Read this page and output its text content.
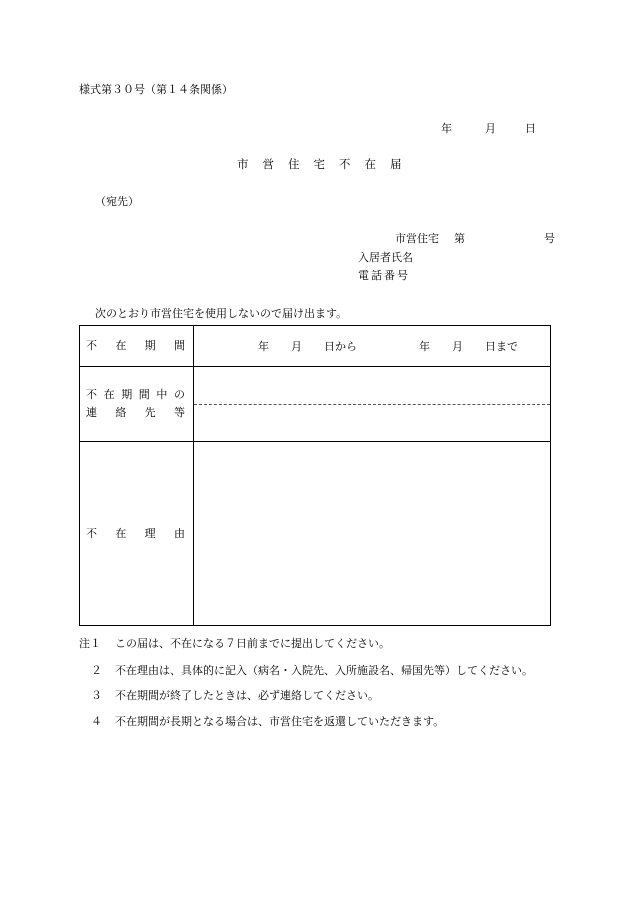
様式第３０号（第１４条関係）
年	月	日
市営住宅不在届
（宛先）
市営住宅 第	号
入居者氏名
電話番号
次のとおり市営住宅を使用しないので届け出ます。
不在期間	年　　月　　日から 年　　月　　日まで

不在期間中の
連絡先等	

不在理由	
注１ この届は、不在になる７日前までに提出してください。
２ 不在理由は、具体的に記入（病名・入院先、入所施設名、帰国先等）してください。
３ 不在期間が終了したときは、必ず連絡してください。
４ 不在期間が長期となる場合は、市営住宅を返還していただきます。
